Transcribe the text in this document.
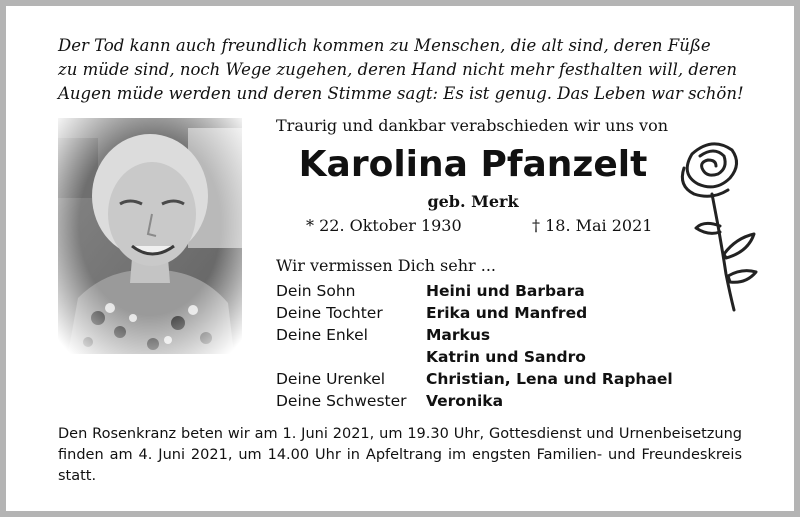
Der Tod kann auch freundlich kommen zu Menschen, die alt sind, deren Füße
zu müde sind, noch Wege zugehen, deren Hand nicht mehr festhalten will, deren
Augen müde werden und deren Stimme sagt: Es ist genug. Das Leben war schön!
Traurig und dankbar verabschieden wir uns von
Karolina Pfanzelt
geb. Merk
* 22. Oktober 1930	† 18. Mai 2021
Wir vermissen Dich sehr ...
Dein Sohn	Heini und Barbara
Deine Tochter	Erika und Manfred
Deine Enkel	Markus
Katrin und Sandro
Deine Urenkel	Christian, Lena und Raphael
Deine Schwester	Veronika
Den Rosenkranz beten wir am 1. Juni 2021, um 19.30 Uhr, Gottesdienst und Urnenbeisetzung finden am 4. Juni 2021, um 14.00 Uhr in Apfeltrang im engsten Familien- und Freundeskreis statt.
